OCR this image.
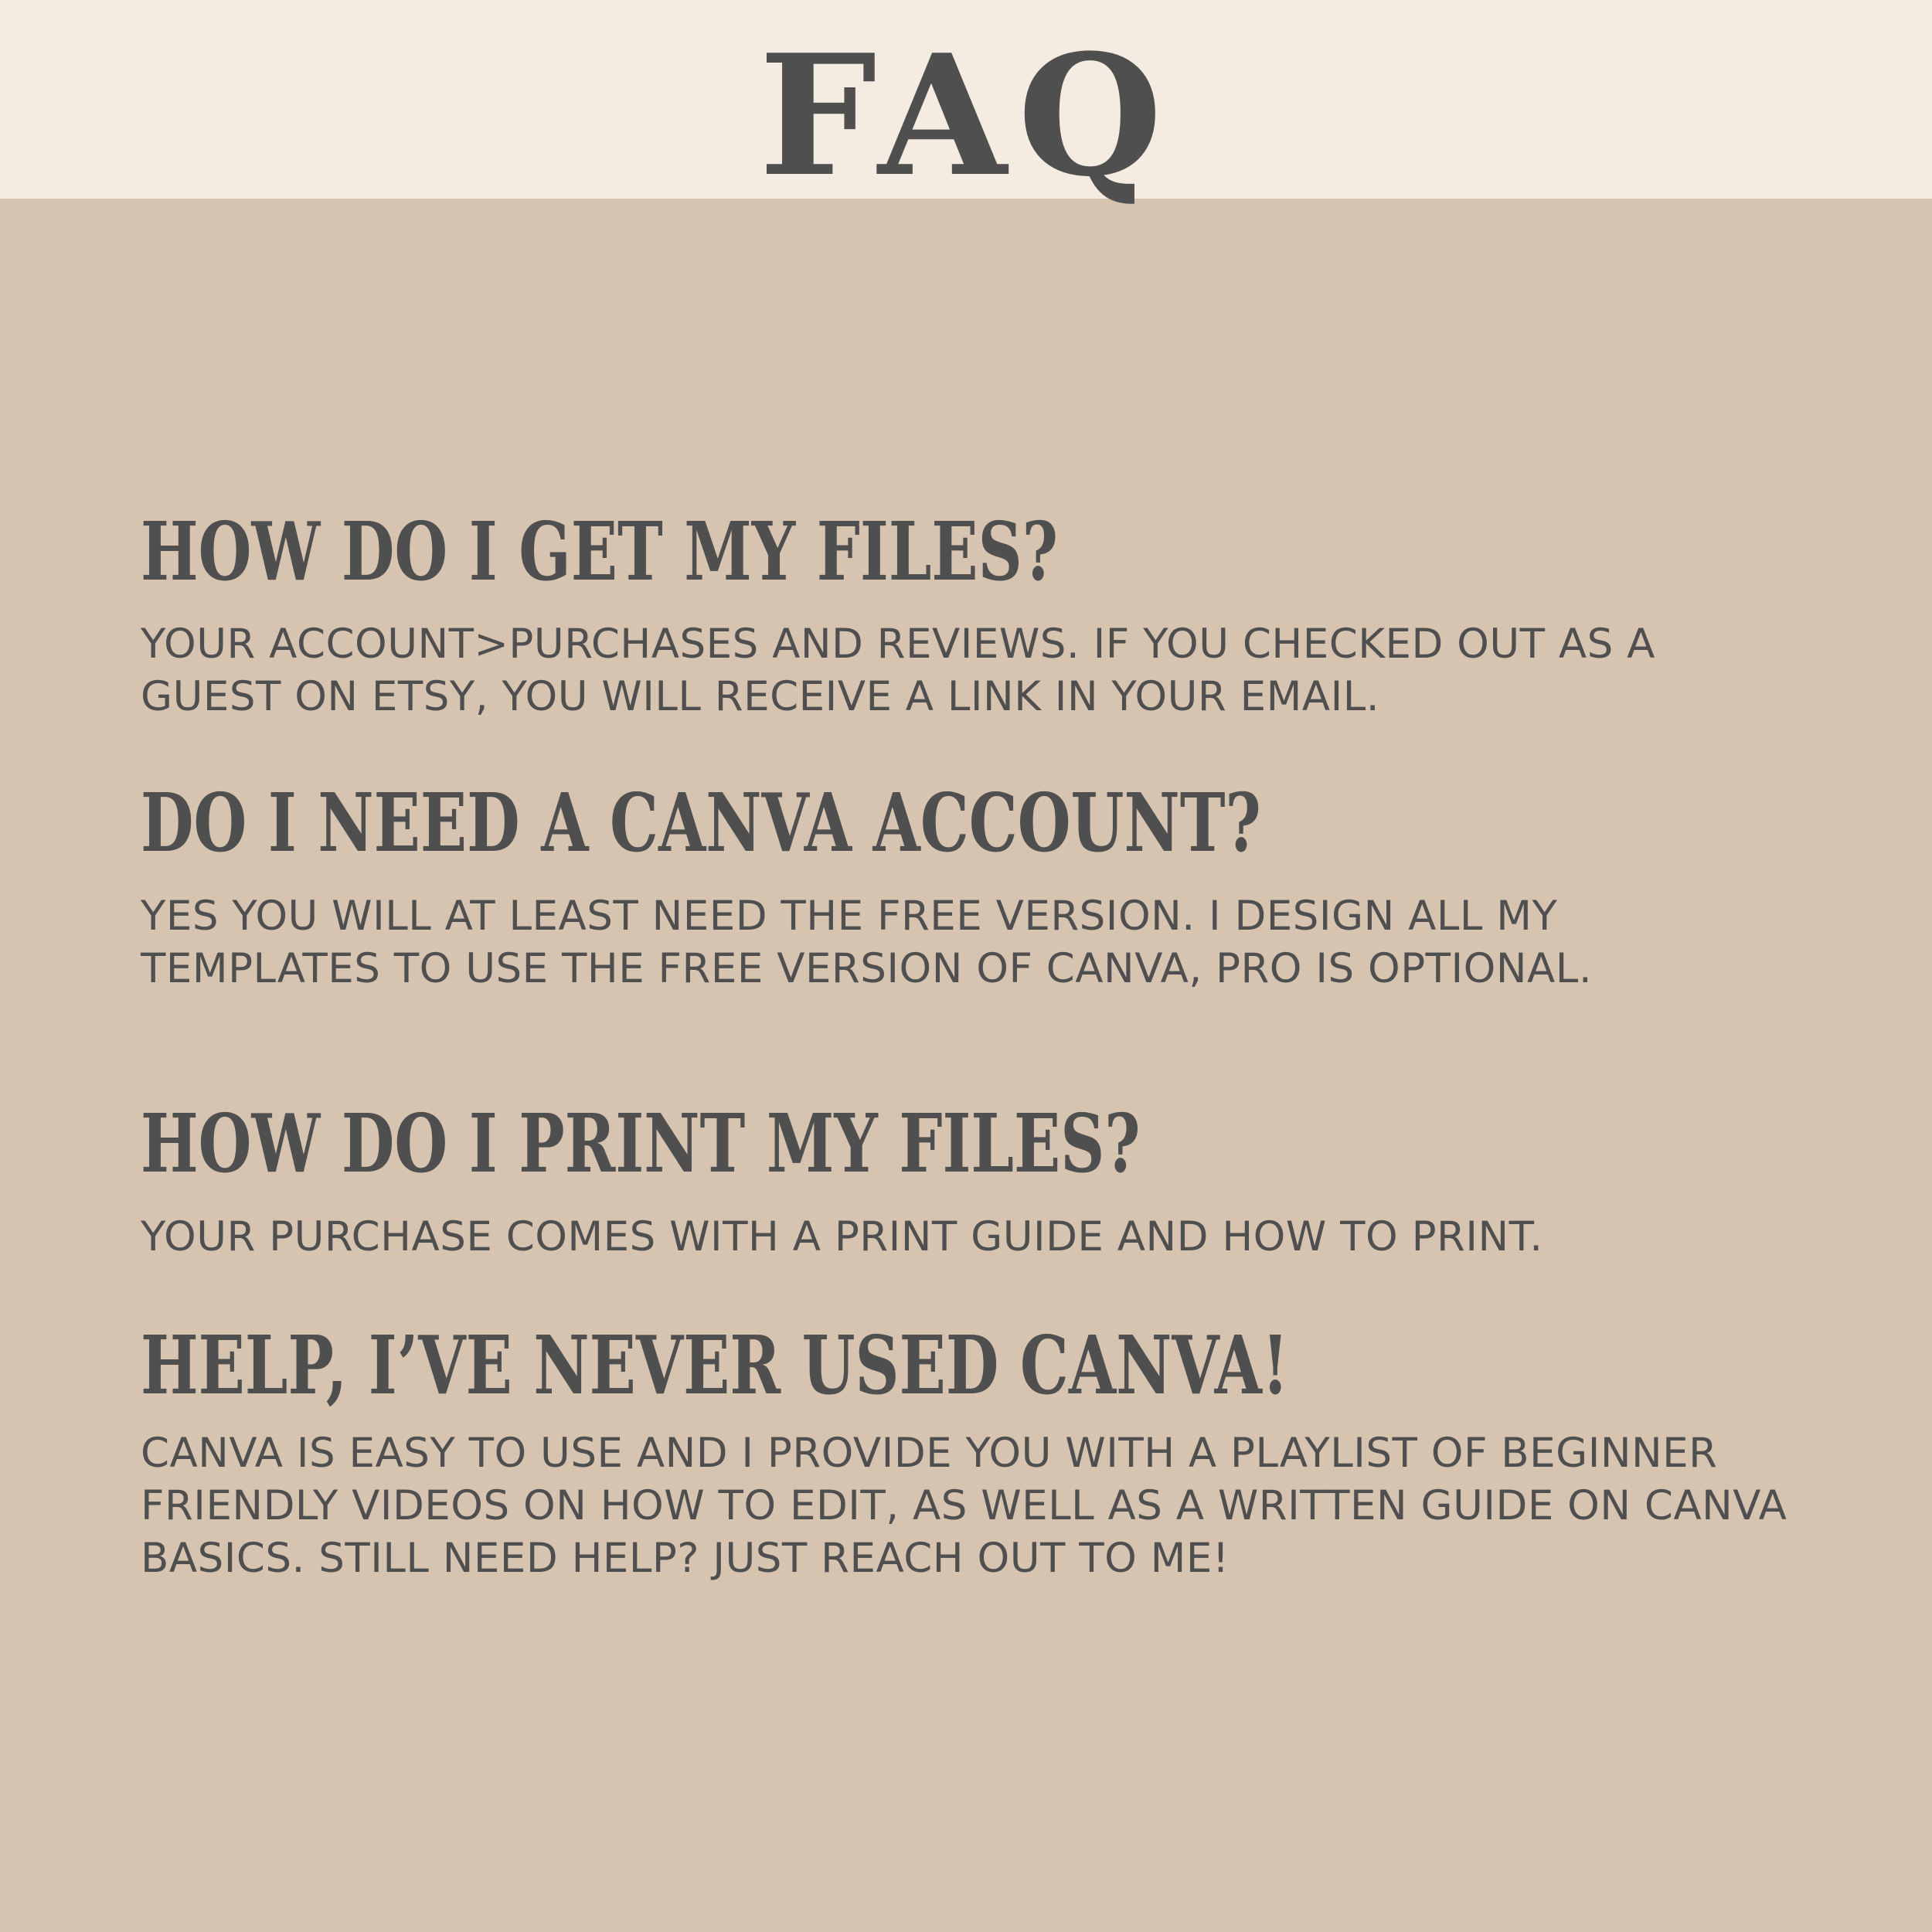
FAQ
HOW DO I GET MY FILES?

YOUR ACCOUNT>PURCHASES AND REVIEWS. IF YOU CHECKED OUT AS A GUEST ON ETSY, YOU WILL RECEIVE A LINK IN YOUR EMAIL.

DO I NEED A CANVA ACCOUNT?

YES YOU WILL AT LEAST NEED THE FREE VERSION. I DESIGN ALL MY TEMPLATES TO USE THE FREE VERSION OF CANVA, PRO IS OPTIONAL.

HOW DO I PRINT MY FILES?

YOUR PURCHASE COMES WITH A PRINT GUIDE AND HOW TO PRINT.

HELP, I’VE NEVER USED CANVA!

CANVA IS EASY TO USE AND I PROVIDE YOU WITH A PLAYLIST OF BEGINNER FRIENDLY VIDEOS ON HOW TO EDIT, AS WELL AS A WRITTEN GUIDE ON CANVA BASICS. STILL NEED HELP? JUST REACH OUT TO ME!
